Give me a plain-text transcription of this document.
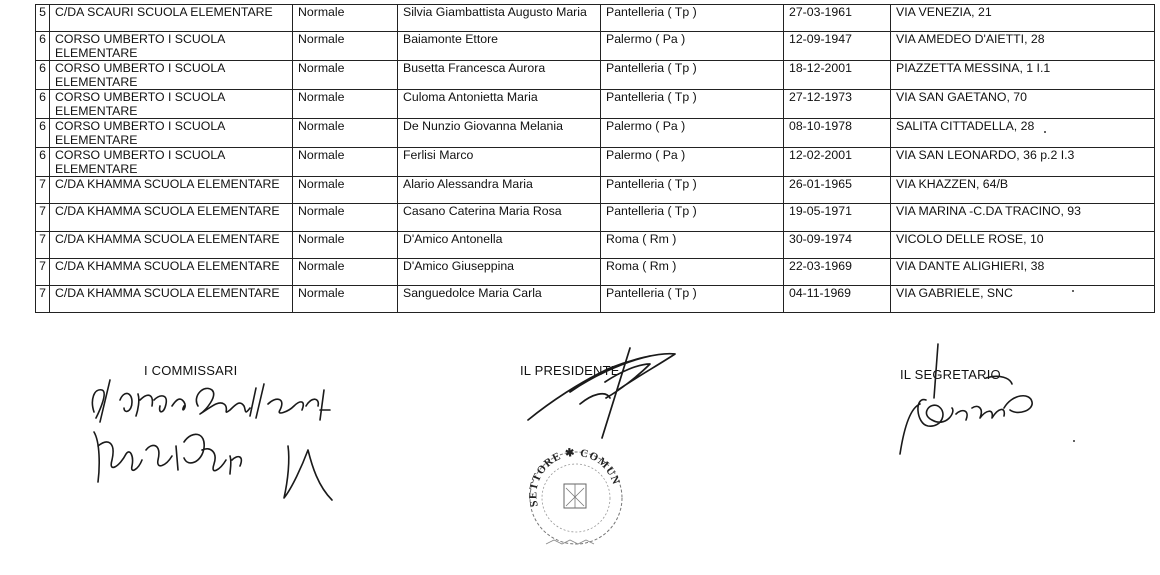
5	C/DA SCAURI SCUOLA ELEMENTARE	Normale	Silvia Giambattista Augusto Maria	Pantelleria ( Tp )	27-03-1961	VIA VENEZIA, 21
6	CORSO UMBERTO I SCUOLA ELEMENTARE	Normale	Baiamonte Ettore	Palermo ( Pa )	12-09-1947	VIA AMEDEO D'AIETTI, 28
6	CORSO UMBERTO I SCUOLA ELEMENTARE	Normale	Busetta Francesca Aurora	Pantelleria ( Tp )	18-12-2001	PIAZZETTA MESSINA, 1 I.1
6	CORSO UMBERTO I SCUOLA ELEMENTARE	Normale	Culoma Antonietta Maria	Pantelleria ( Tp )	27-12-1973	VIA SAN GAETANO, 70
6	CORSO UMBERTO I SCUOLA ELEMENTARE	Normale	De Nunzio Giovanna Melania	Palermo ( Pa )	08-10-1978	SALITA CITTADELLA, 28
6	CORSO UMBERTO I SCUOLA ELEMENTARE	Normale	Ferlisi Marco	Palermo ( Pa )	12-02-2001	VIA SAN LEONARDO, 36 p.2 I.3
7	C/DA KHAMMA SCUOLA ELEMENTARE	Normale	Alario Alessandra Maria	Pantelleria ( Tp )	26-01-1965	VIA KHAZZEN, 64/B
7	C/DA KHAMMA SCUOLA ELEMENTARE	Normale	Casano Caterina Maria Rosa	Pantelleria ( Tp )	19-05-1971	VIA MARINA -C.DA TRACINO, 93
7	C/DA KHAMMA SCUOLA ELEMENTARE	Normale	D'Amico Antonella	Roma ( Rm )	30-09-1974	VICOLO DELLE ROSE, 10
7	C/DA KHAMMA SCUOLA ELEMENTARE	Normale	D'Amico Giuseppina	Roma ( Rm )	22-03-1969	VIA DANTE ALIGHIERI, 38
7	C/DA KHAMMA SCUOLA ELEMENTARE	Normale	Sanguedolce Maria Carla	Pantelleria ( Tp )	04-11-1969	VIA GABRIELE, SNC
I COMMISSARI	IL PRESIDENTE
SETTORE ✱ COMUNE
IL SEGRETARIO
